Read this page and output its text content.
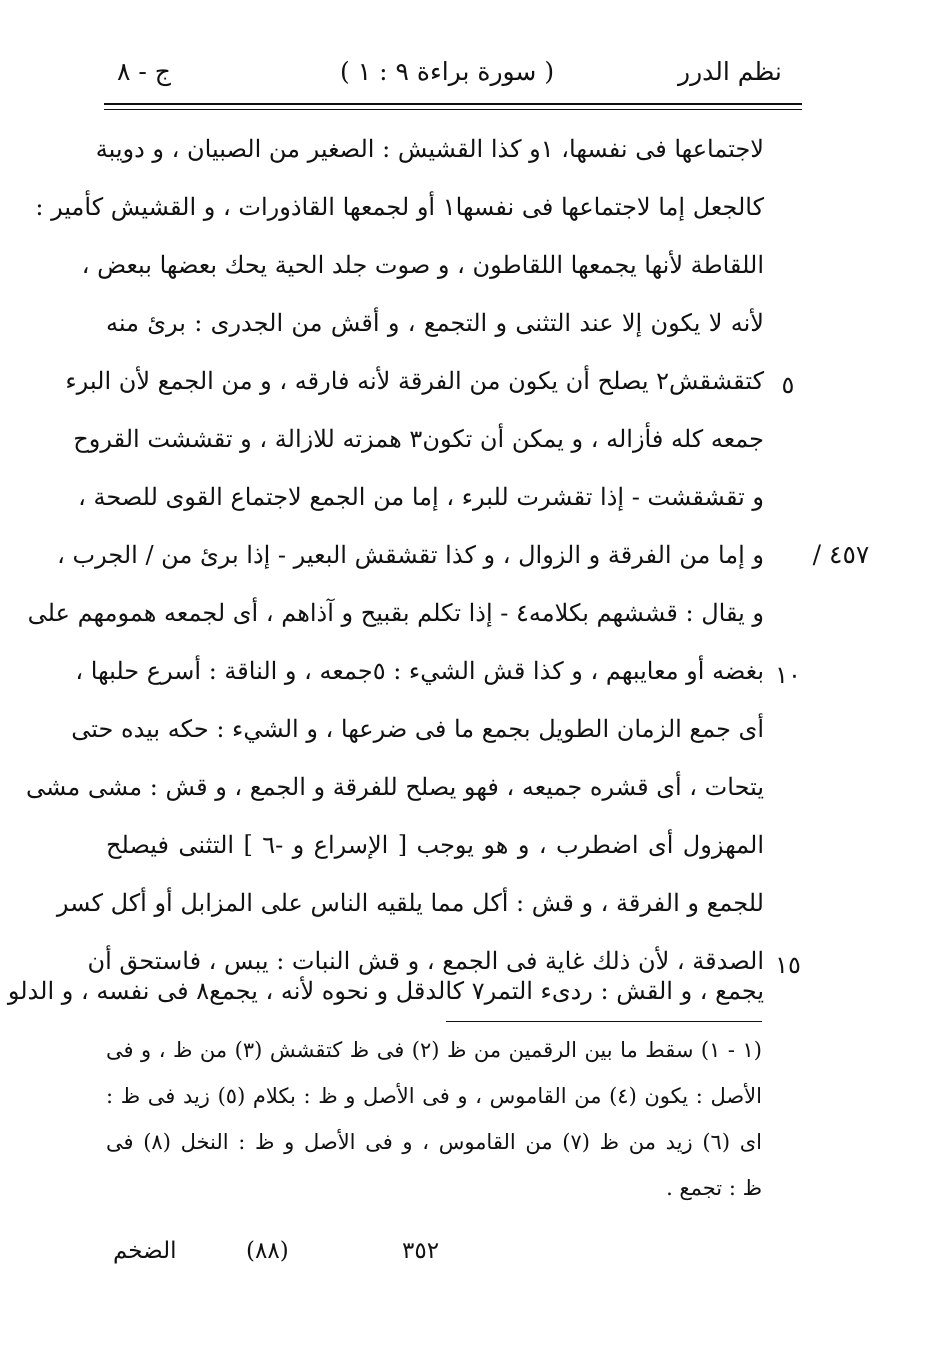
ج - ٨	( سورة براءة ٩ : ١ )	نظم الدرر
لاجتماعها فى نفسها، ١و كذا القشيش : الصغير من الصبيان ، و دويبة
كالجعل إما لاجتماعها فى نفسها١ أو لجمعها القاذورات ، و القشيش كأمير :
اللقاطة لأنها يجمعها اللقاطون ، و صوت جلد الحية يحك بعضها ببعض ،
لأنه لا يكون إلا عند التثنى و التجمع ، و أقش من الجدرى : برئ منه
كتقشقش٢ يصلح أن يكون من الفرقة لأنه فارقه ، و من الجمع لأن البرء ٥
جمعه كله فأزاله ، و يمكن أن تكون٣ همزته للازالة ، و تقششت القروح
و تقشقشت - إذا تقشرت للبرء ، إما من الجمع لاجتماع القوى للصحة ،
و إما من الفرقة و الزوال ، و كذا تقشقش البعير - إذا برئ من / الجرب ، ٤٥٧ /
و يقال : قششهم بكلامه٤ - إذا تكلم بقبيح و آذاهم ، أى لجمعه همومهم على
بغضه أو معايبهم ، و كذا قش الشيء : ٥جمعه ، و الناقة : أسرع حلبها ، ١٠
أى جمع الزمان الطويل بجمع ما فى ضرعها ، و الشيء : حكه بيده حتى
يتحات ، أى قشره جميعه ، فهو يصلح للفرقة و الجمع ، و قش : مشى مشى
المهزول أى اضطرب ، و هو يوجب [ الإسراع و -٦ ] التثنى فيصلح
للجمع و الفرقة ، و قش : أكل مما يلقيه الناس على المزابل أو أكل كسر
الصدقة ، لأن ذلك غاية فى الجمع ، و قش النبات : يبس ، فاستحق أن ١٥
يجمع ، و القش : ردىء التمر٧ كالدقل و نحوه لأنه ، يجمع٨ فى نفسه ، و الدلو
(١ - ١) سقط ما بين الرقمين من ظ (٢) فى ظ كتقشش (٣) من ظ ، و فى
الأصل : يكون (٤) من القاموس ، و فى الأصل و ظ : بكلام (٥) زيد فى ظ :
اى (٦) زيد من ظ (٧) من القاموس ، و فى الأصل و ظ : النخل (٨) فى
ظ : تجمع .
الضخم	(٨٨)	٣٥٢
